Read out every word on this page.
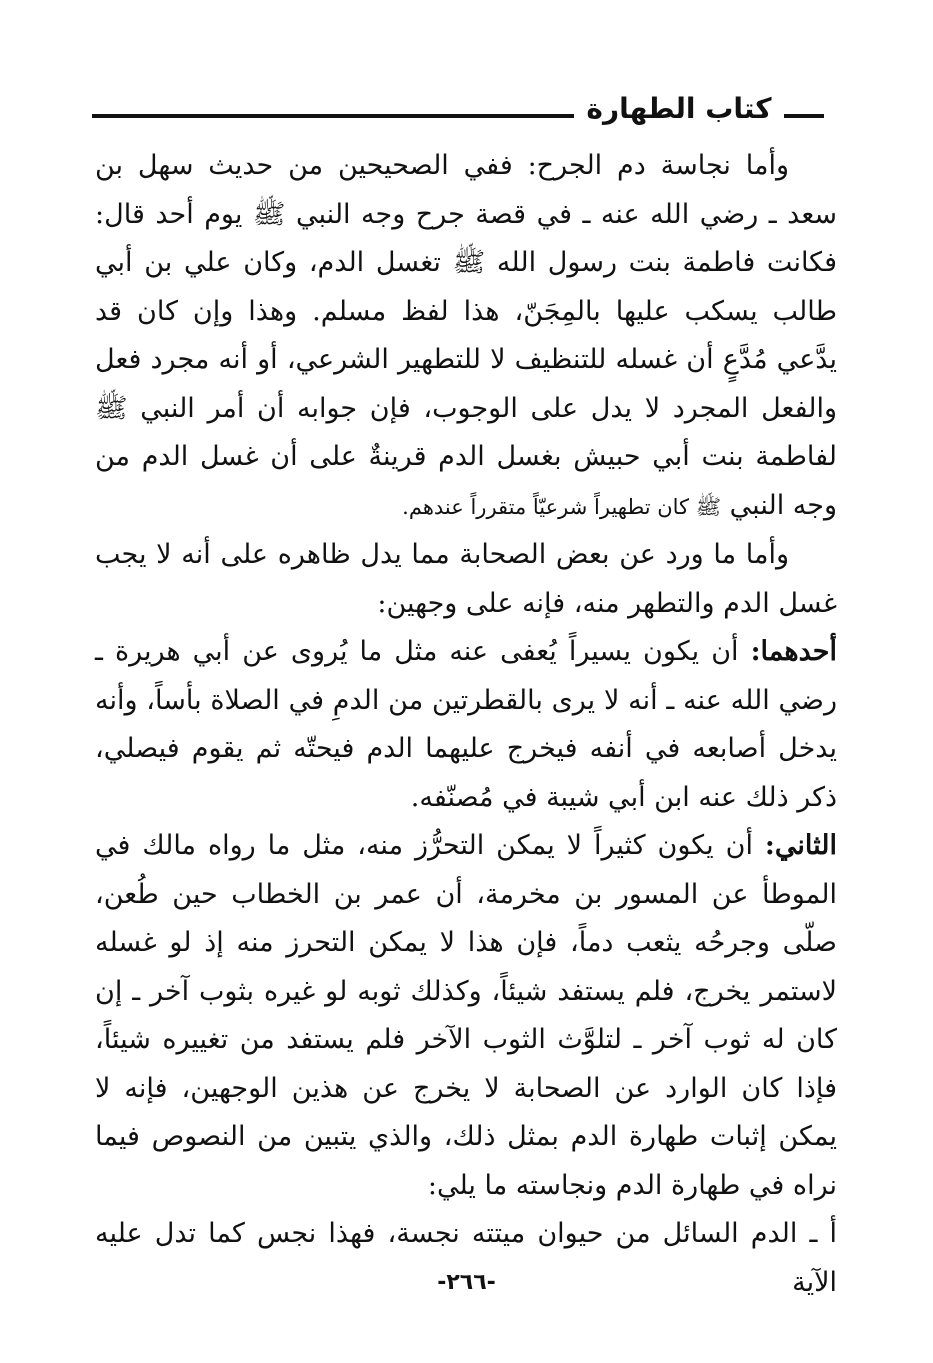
كتاب الطهارة

وأما نجاسة دم الجرح: ففي الصحيحين من حديث سهل بن سعد ـ رضي الله عنه ـ في قصة جرح وجه النبي ﷺ يوم أحد قال: فكانت فاطمة بنت رسول الله ﷺ تغسل الدم، وكان علي بن أبي طالب يسكب عليها بالمِجَنّ، هذا لفظ مسلم. وهذا وإن كان قد يدَّعي مُدَّعٍ أن غسله للتنظيف لا للتطهير الشرعي، أو أنه مجرد فعل والفعل المجرد لا يدل على الوجوب، فإن جوابه أن أمر النبي ﷺ لفاطمة بنت أبي حبيش بغسل الدم قرينةٌ على أن غسل الدم من وجه النبي ﷺ كان تطهيراً شرعيّاً متقرراً عندهم.

وأما ما ورد عن بعض الصحابة مما يدل ظاهره على أنه لا يجب غسل الدم والتطهر منه، فإنه على وجهين:

أحدهما: أن يكون يسيراً يُعفى عنه مثل ما يُروى عن أبي هريرة ـ رضي الله عنه ـ أنه لا يرى بالقطرتين من الدمِ في الصلاة بأساً، وأنه يدخل أصابعه في أنفه فيخرج عليهما الدم فيحتّه ثم يقوم فيصلي، ذكر ذلك عنه ابن أبي شيبة في مُصنّفه.

الثاني: أن يكون كثيراً لا يمكن التحرُّز منه، مثل ما رواه مالك في الموطأ عن المسور بن مخرمة، أن عمر بن الخطاب حين طُعن، صلّى وجرحُه يثعب دماً، فإن هذا لا يمكن التحرز منه إذ لو غسله لاستمر يخرج، فلم يستفد شيئاً، وكذلك ثوبه لو غيره بثوب آخر ـ إن كان له ثوب آخر ـ لتلوَّث الثوب الآخر فلم يستفد من تغييره شيئاً، فإذا كان الوارد عن الصحابة لا يخرج عن هذين الوجهين، فإنه لا يمكن إثبات طهارة الدم بمثل ذلك، والذي يتبين من النصوص فيما نراه في طهارة الدم ونجاسته ما يلي:

أ ـ الدم السائل من حيوان ميتته نجسة، فهذا نجس كما تدل عليه الآية

-٢٦٦-
